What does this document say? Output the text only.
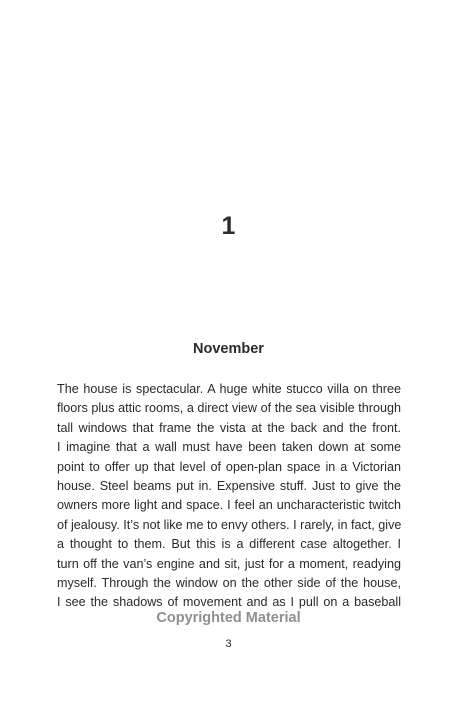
1
November
The house is spectacular. A huge white stucco villa on three
floors plus attic rooms, a direct view of the sea visible through
tall windows that frame the vista at the back and the front.
I imagine that a wall must have been taken down at some
point to offer up that level of open-plan space in a Victorian
house. Steel beams put in. Expensive stuff. Just to give the
owners more light and space. I feel an uncharacteristic twitch
of jealousy. It’s not like me to envy others. I rarely, in fact, give
a thought to them. But this is a different case altogether. I
turn off the van’s engine and sit, just for a moment, readying
myself. Through the window on the other side of the house,
I see the shadows of movement and as I pull on a baseball
Copyrighted Material
3
